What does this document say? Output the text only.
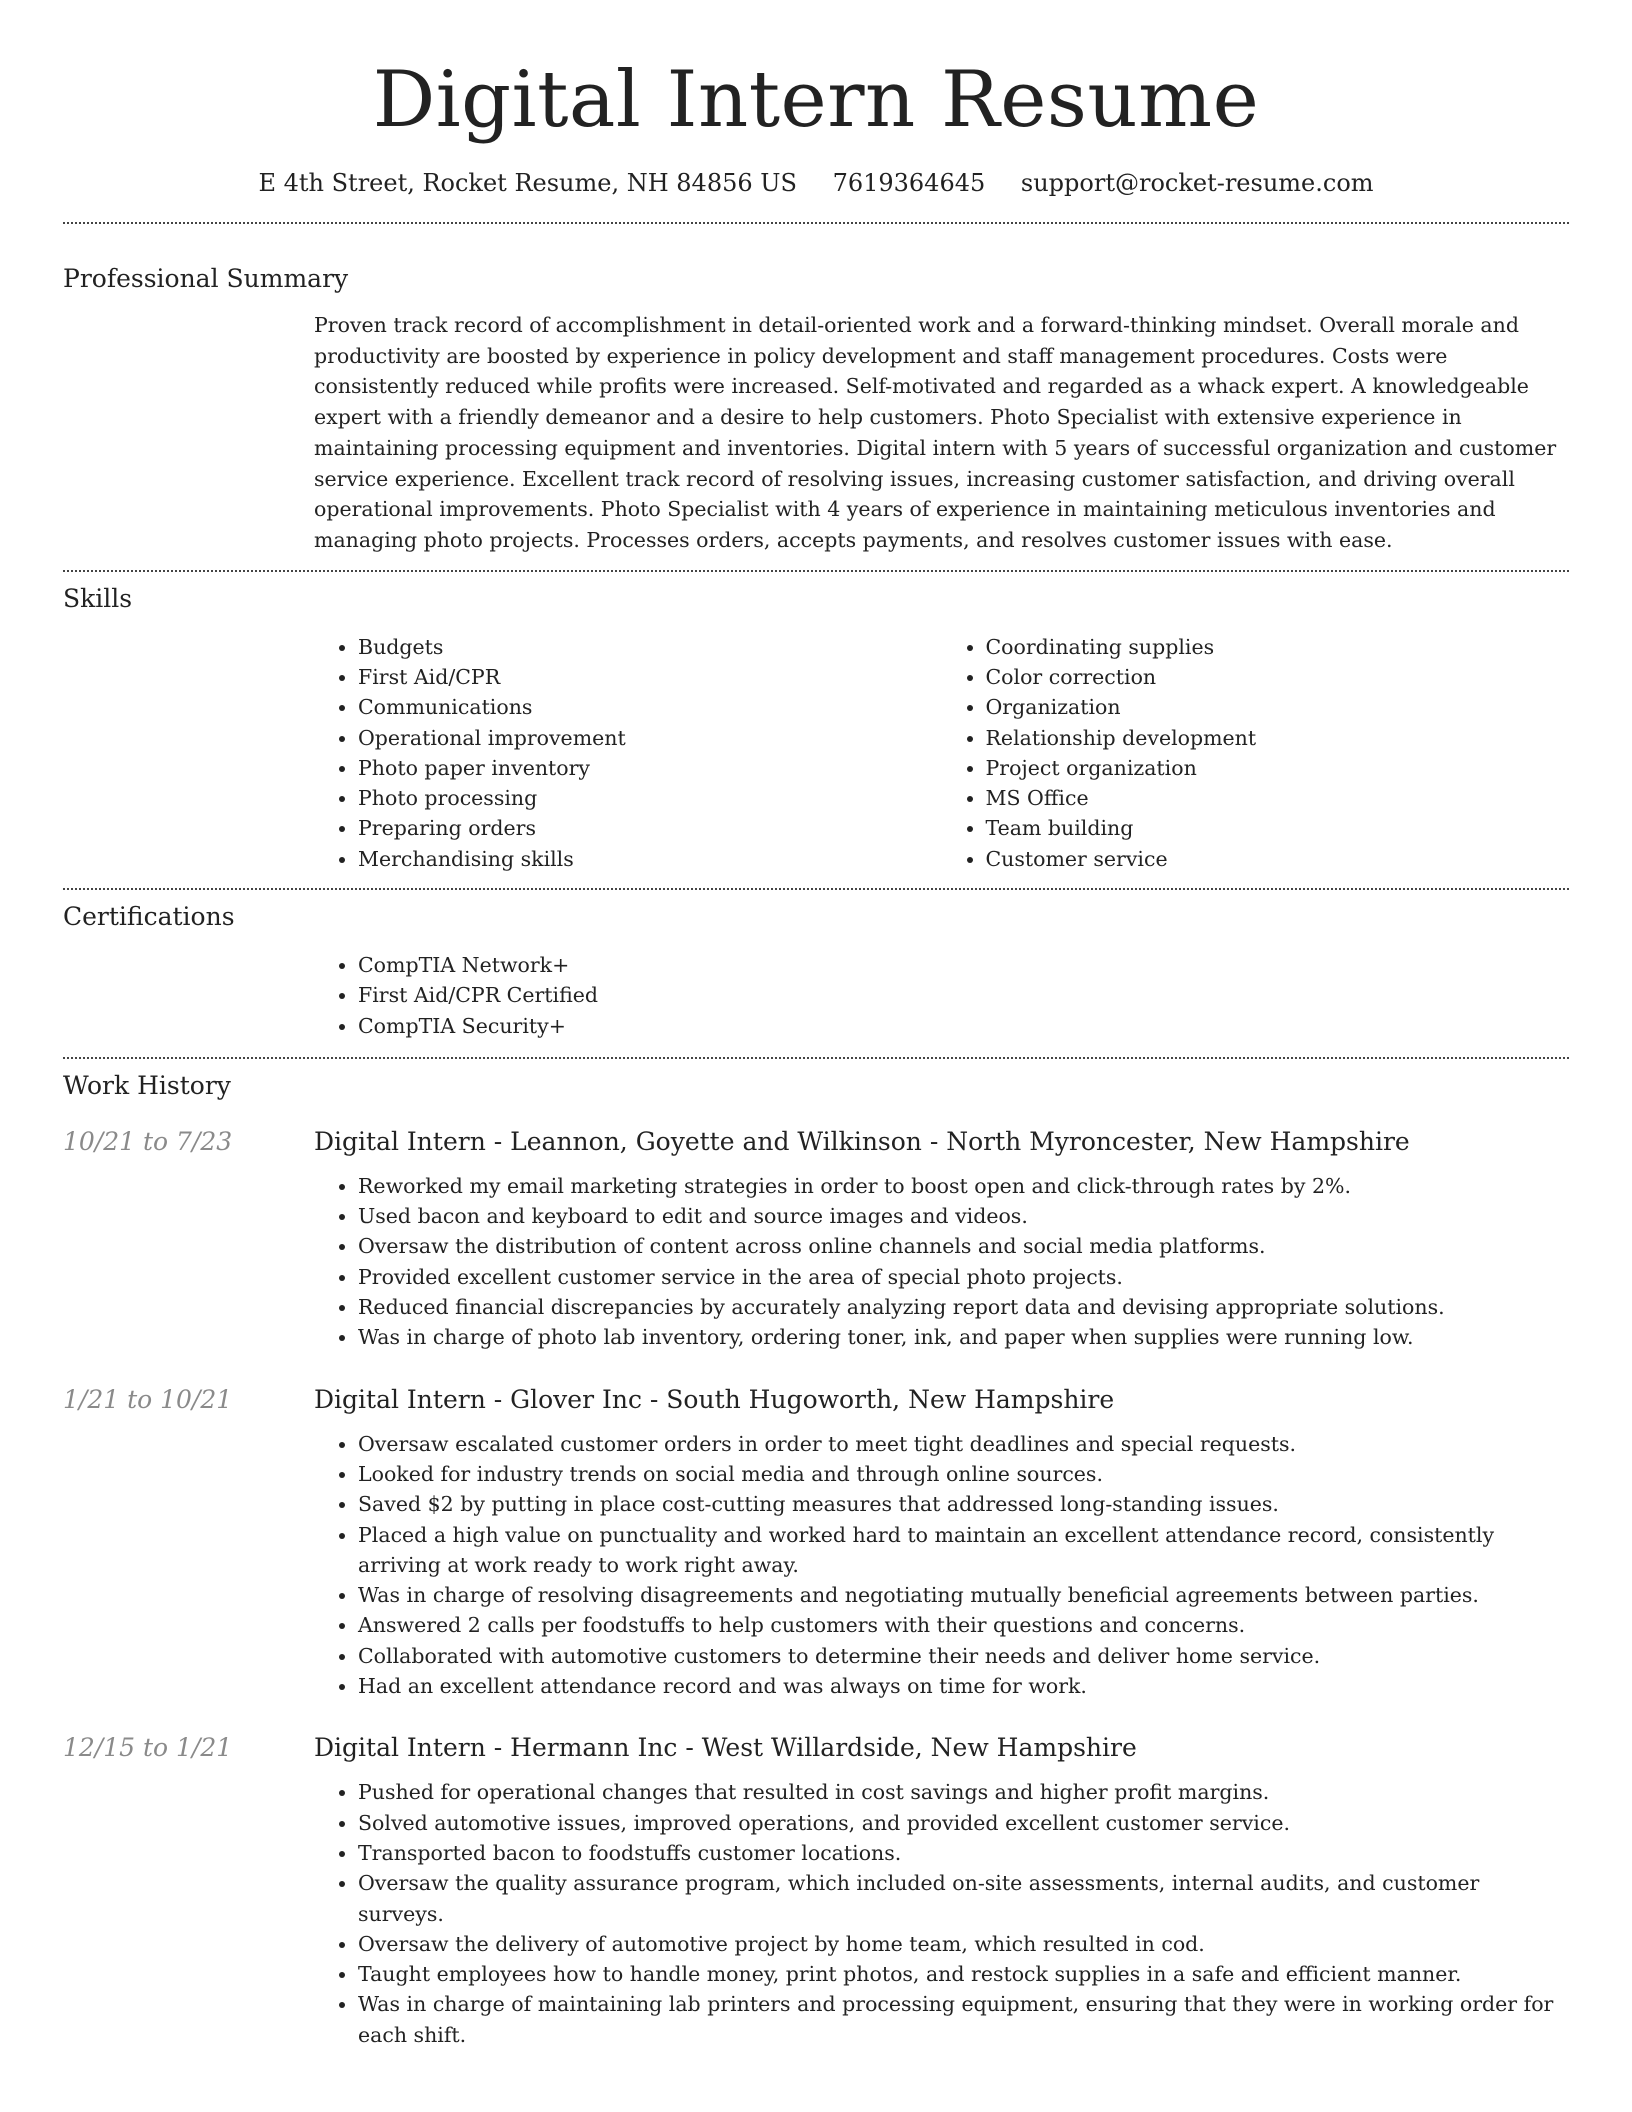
Digital Intern Resume
E 4th Street, Rocket Resume, NH 84856 US 7619364645 support@rocket-resume.com
Professional Summary
Proven track record of accomplishment in detail-oriented work and a forward-thinking mindset. Overall morale and productivity are boosted by experience in policy development and staff management procedures. Costs were consistently reduced while profits were increased. Self-motivated and regarded as a whack expert. A knowledgeable expert with a friendly demeanor and a desire to help customers. Photo Specialist with extensive experience in maintaining processing equipment and inventories. Digital intern with 5 years of successful organization and customer service experience. Excellent track record of resolving issues, increasing customer satisfaction, and driving overall operational improvements. Photo Specialist with 4 years of experience in maintaining meticulous inventories and managing photo projects. Processes orders, accepts payments, and resolves customer issues with ease.
Skills
• Budgets
• First Aid/CPR
• Communications
• Operational improvement
• Photo paper inventory
• Photo processing
• Preparing orders
• Merchandising skills
• Coordinating supplies
• Color correction
• Organization
• Relationship development
• Project organization
• MS Office
• Team building
• Customer service
Certifications
• CompTIA Network+
• First Aid/CPR Certified
• CompTIA Security+
Work History
10/21 to 7/23	Digital Intern - Leannon, Goyette and Wilkinson - North Myroncester, New Hampshire
• Reworked my email marketing strategies in order to boost open and click-through rates by 2%.
• Used bacon and keyboard to edit and source images and videos.
• Oversaw the distribution of content across online channels and social media platforms.
• Provided excellent customer service in the area of special photo projects.
• Reduced financial discrepancies by accurately analyzing report data and devising appropriate solutions.
• Was in charge of photo lab inventory, ordering toner, ink, and paper when supplies were running low.
1/21 to 10/21	Digital Intern - Glover Inc - South Hugoworth, New Hampshire
• Oversaw escalated customer orders in order to meet tight deadlines and special requests.
• Looked for industry trends on social media and through online sources.
• Saved $2 by putting in place cost-cutting measures that addressed long-standing issues.
• Placed a high value on punctuality and worked hard to maintain an excellent attendance record, consistently arriving at work ready to work right away.
• Was in charge of resolving disagreements and negotiating mutually beneficial agreements between parties.
• Answered 2 calls per foodstuffs to help customers with their questions and concerns.
• Collaborated with automotive customers to determine their needs and deliver home service.
• Had an excellent attendance record and was always on time for work.
12/15 to 1/21	Digital Intern - Hermann Inc - West Willardside, New Hampshire
• Pushed for operational changes that resulted in cost savings and higher profit margins.
• Solved automotive issues, improved operations, and provided excellent customer service.
• Transported bacon to foodstuffs customer locations.
• Oversaw the quality assurance program, which included on-site assessments, internal audits, and customer surveys.
• Oversaw the delivery of automotive project by home team, which resulted in cod.
• Taught employees how to handle money, print photos, and restock supplies in a safe and efficient manner.
• Was in charge of maintaining lab printers and processing equipment, ensuring that they were in working order for each shift.
